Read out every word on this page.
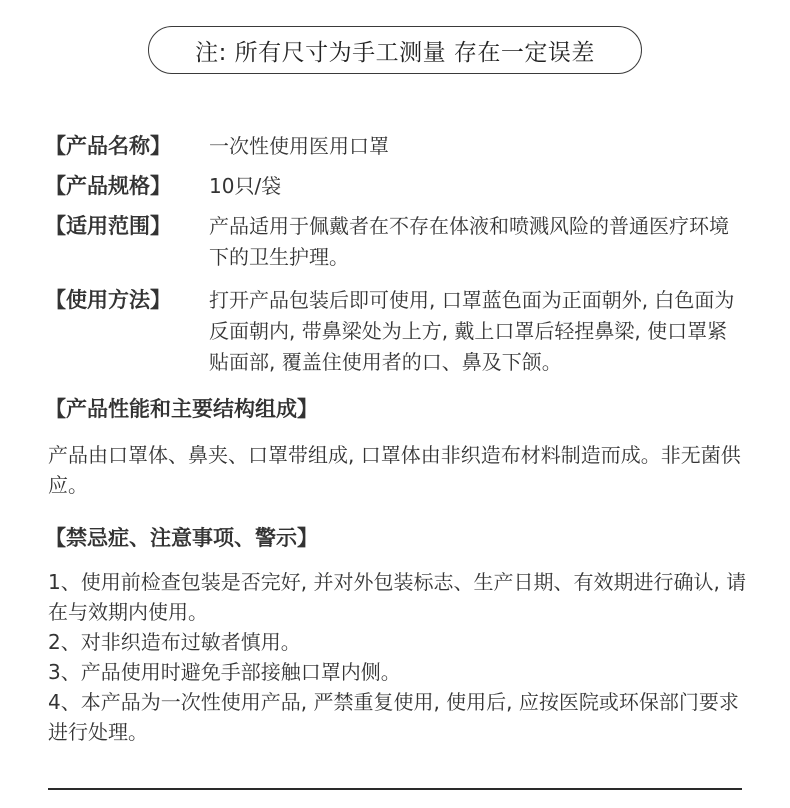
注: 所有尺寸为手工测量 存在一定误差
【产品名称】	一次性使用医用口罩
【产品规格】	10只/袋
【适用范围】	产品适用于佩戴者在不存在体液和喷溅风险的普通医疗环境下的卫生护理。
【使用方法】	打开产品包装后即可使用, 口罩蓝色面为正面朝外, 白色面为反面朝内, 带鼻梁处为上方, 戴上口罩后轻捏鼻梁, 使口罩紧贴面部, 覆盖住使用者的口、鼻及下颌。
【产品性能和主要结构组成】

产品由口罩体、鼻夹、口罩带组成, 口罩体由非织造布材料制造而成。非无菌供应。

【禁忌症、注意事项、警示】

1、使用前检查包装是否完好, 并对外包装标志、生产日期、有效期进行确认, 请在与效期内使用。

2、对非织造布过敏者慎用。

3、产品使用时避免手部接触口罩内侧。

4、本产品为一次性使用产品, 严禁重复使用, 使用后, 应按医院或环保部门要求进行处理。
